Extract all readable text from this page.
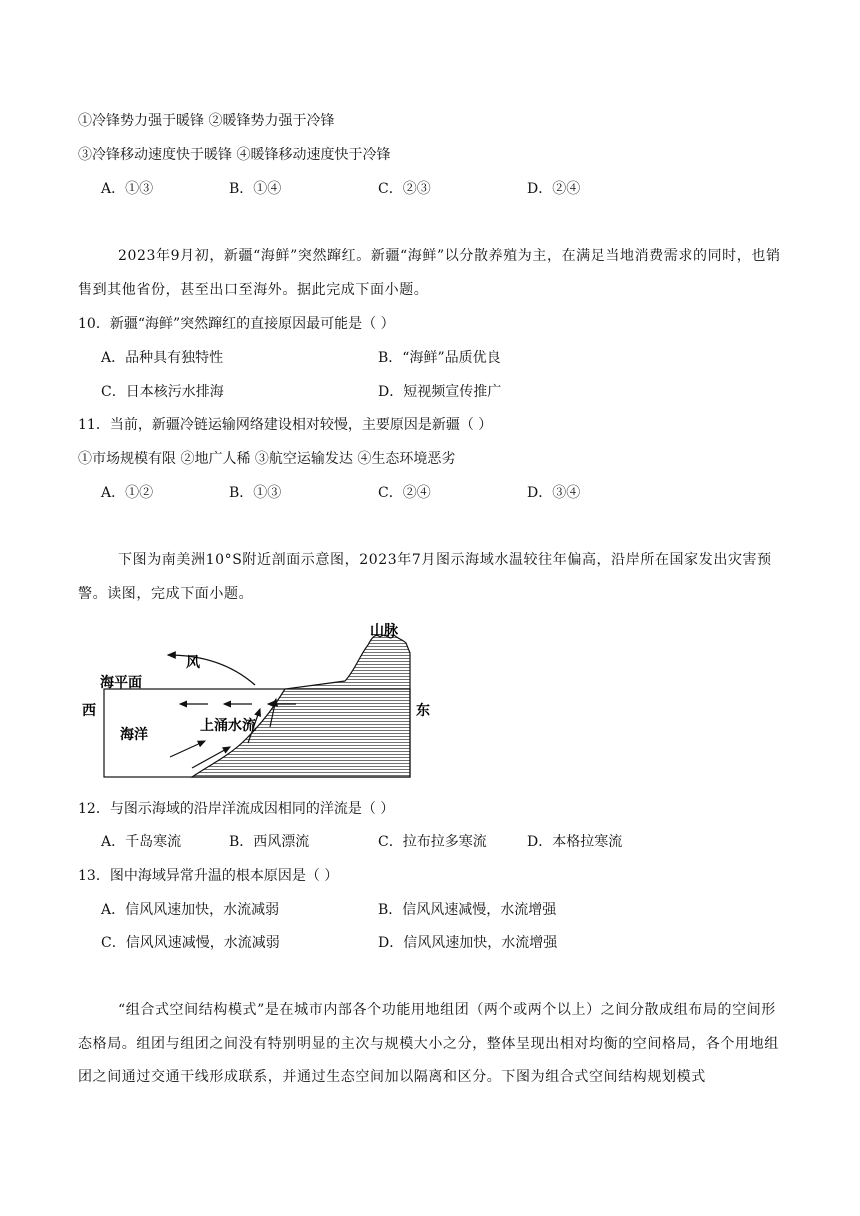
①冷锋势力强于暖锋 ②暖锋势力强于冷锋
③冷锋移动速度快于暖锋 ④暖锋移动速度快于冷锋
A．①③	B．①④	C．②③	D．②④
2023年9月初，新疆“海鲜”突然蹿红。新疆“海鲜”以分散养殖为主，在满足当地消费需求的同时，也销售到其他省份，甚至出口至海外。据此完成下面小题。
10．新疆“海鲜”突然蹿红的直接原因最可能是（ ）
A．品种具有独特性	B．“海鲜”品质优良
C．日本核污水排海	D．短视频宣传推广
11．当前，新疆冷链运输网络建设相对较慢，主要原因是新疆（ ）
①市场规模有限 ②地广人稀 ③航空运输发达 ④生态环境恶劣
A．①②	B．①③	C．②④	D．③④
下图为南美洲10°S附近剖面示意图，2023年7月图示海域水温较往年偏高，沿岸所在国家发出灾害预警。读图，完成下面小题。
山脉
风
海平面
西	东
海洋
上涌水流
12．与图示海域的沿岸洋流成因相同的洋流是（ ）
A．千岛寒流	B．西风漂流	C．拉布拉多寒流	D．本格拉寒流
13．图中海域异常升温的根本原因是（ ）
A．信风风速加快，水流减弱	B．信风风速减慢，水流增强
C．信风风速减慢，水流减弱	D．信风风速加快，水流增强
“组合式空间结构模式”是在城市内部各个功能用地组团（两个或两个以上）之间分散成组布局的空间形态格局。组团与组团之间没有特别明显的主次与规模大小之分，整体呈现出相对均衡的空间格局，各个用地组团之间通过交通干线形成联系，并通过生态空间加以隔离和区分。下图为组合式空间结构规划模式
